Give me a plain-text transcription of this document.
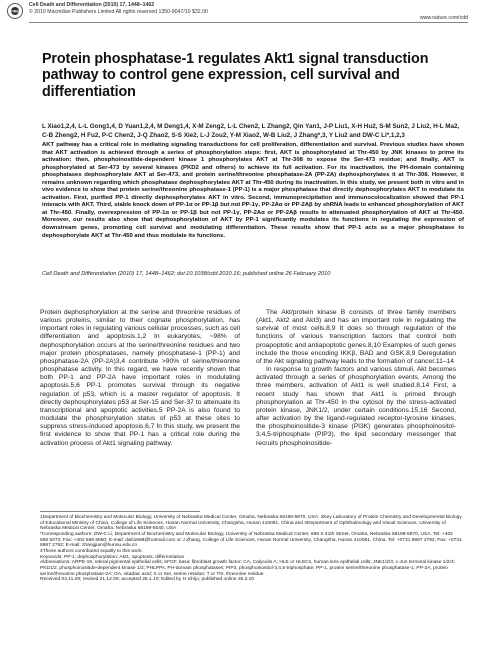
npg
Cell Death and Differentiation (2010) 17, 1448–1462
© 2010 Macmillan Publishers Limited All rights reserved 1350-9047/10 $32.00
www.nature.com/cdd
Protein phosphatase-1 regulates Akt1 signal transduction pathway to control gene expression, cell survival and differentiation
L Xiao1,2,4, L-L Gong1,4, D Yuan1,2,4, M Deng1,4, X-M Zeng2, L-L Chen2, L Zhang2, Qin Yan1, J-P Liu1, X-H Hu2, S-M Sun2, J Liu2, H-L Ma2, C-B Zheng2, H Fu2, P-C Chen2, J-Q Zhao2, S-S Xie2, L-J Zou2, Y-M Xiao2, W-B Liu2, J Zhang*,3, Y Liu2 and DW-C Li*,1,2,3
AKT pathway has a critical role in mediating signaling transductions for cell proliferation, differentiation and survival. Previous studies have shown that AKT activation is achieved through a series of phosphorylation steps: first, AKT is phosphorylated at Thr-450 by JNK kinases to prime its activation; then, phosphoinositide-dependent kinase 1 phosphorylates AKT at Thr-308 to expose the Ser-473 residue; and finally, AKT is phosphorylated at Ser-473 by several kinases (PKD2 and others) to achieve its full activation. For its inactivation, the PH-domain containing phosphatases dephosphorylate AKT at Ser-473, and protein serine/threonine phosphatase-2A (PP-2A) dephosphorylates it at Thr-308. However, it remains unknown regarding which phosphatase dephosphorylates AKT at Thr-450 during its inactivation. In this study, we present both in vitro and in vivo evidence to show that protein serine/threonine phosphatase-1 (PP-1) is a major phosphatase that directly dephosphorylates AKT to modulate its activation. First, purified PP-1 directly dephosphorylates AKT in vitro. Second, immunoprecipitation and immunocolocalization showed that PP-1 interacts with AKT. Third, stable knock down of PP-1α or PP-1β but not PP-1γ, PP-2Aα or PP-2Aβ by shRNA leads to enhanced phosphorylation of AKT at Thr-450. Finally, overexpression of PP-1α or PP-1β but not PP-1γ, PP-2Aα or PP-2Aβ results in attenuated phosphorylation of AKT at Thr-450. Moreover, our results also show that dephosphorylation of AKT by PP-1 significantly modulates its functions in regulating the expression of downstream genes, promoting cell survival and modulating differentiation. These results show that PP-1 acts as a major phosphatase to dephosphorylate AKT at Thr-450 and thus modulate its functions.
Cell Death and Differentiation (2010) 17, 1448–1462; doi:10.1038/cdd.2010.16; published online 26 February 2010

Protein dephosphorylation at the serine and threonine residues of various proteins, similar to their cognate phosphorylation, has important roles in regulating various cellular processes, such as cell differentiation and apoptosis.1,2 In eukaryotes, ~98% of dephosphorylation occurs at the serine/threonine residues and two major protein phosphatases, namely phosphatase-1 (PP-1) and phosphatase-2A (PP-2A)3,4 contribute >90% of serine/threonine phosphatase activity. In this regard, we have recently shown that both PP-1 and PP-2A have important roles in modulating apoptosis.5,6 PP-1 promotes survival through its negative regulation of p53, which is a master regulator of apoptosis. It directly dephosphorylates p53 at Ser-15 and Ser-37 to attenuate its transcriptional and apoptotic activities.5 PP-2A is also found to modulate the phosphorylation status of p53 at these sites to suppress stress-induced apoptosis.6,7 In this study, we present the first evidence to show that PP-1 has a critical role during the activation process of Akt1 signaling pathway.

The Akt/protein kinase B consists of three family members (Akt1, Akt2 and Akt3) and has an important role in regulating the survival of most cells.8,9 It does so through regulation of the functions of various transcription factors that control both proapoptotic and antiapoptotic genes.8,10 Examples of such genes include the those encoding IKKβ, BAD and GSK.8,9 Deregulation of the Akt signaling pathway leads to the formation of cancer.11–14

In response to growth factors and various stimuli, Akt becomes activated through a series of phosphorylation events. Among the three members, activation of Akt1 is well studied.8,14 First, a recent study has shown that Akt1 is primed through phosphorylation at Thr-450 in the cytosol by the stress-activated protein kinase, JNK1/2, under certain conditions.15,16 Second, after activation by the ligand-regulated receptor-tyrosine kinases, the phosphoinositide-3 kinase (PI3K) generates phosphoinositol-3,4,5-triphosphate (PIP3), the lipid secondary messenger that recruits phosphoinositide-

1Department of Biochemistry and Molecular Biology, University of Nebraska Medical Center, Omaha, Nebraska 68198-5870, USA; 2Key Laboratory of Protein Chemistry and Developmental Biology of Educational Ministry of China, College of Life Sciences, Hunan Normal University, Changsha, Hunan 410081, China and 3Department of Ophthalmology and Visual Sciences, University of Nebraska Medical Center, Omaha, Nebraska 68198-5540, USA

*Corresponding authors: DW-C Li, Department of Biochemistry and Molecular Biology, University of Nebraska Medical Center, 668 S 41th Street, Omaha, Nebraska 68198-5870, USA. Tel: +402 559 5073; Fax: +402 559 6650; E-mail: dwli1688@hotmail.com or J Zhang, College of Life Sciences, Hunan Normal University, Changsha, Hunan 410081, China. Tel: +0731 8887 2792; Fax: +0731 8887 2792; E-mail: zhangjian@hunnu.edu.cn

4These authors contributed equally to this work.

Keywords: PP-1; dephosphorylation; Akt1; apoptosis; differentiation

Abbreviations: ARPE-19, retinal pigmental epithelial cells; bFGF, basic fibroblast growth factor; CA, Calyculin A; HLE or HLECs, human lens epithelial cells; JNK1/2/3, c-Jun terminal kinase 1/2/3; PKD1/2, phosphoinositide-dependent kinase 1/2; PHLPPs, PH-domain phosphatases; PIP3, phosphoinositol-3,4,5-triphosphate; PP-1, protein serine/threonine phosphatase-1; PP-2A, protein serine/threonine phosphatase-2A; OA, okadaic acid; S or Ser, serine residue; T or Thr, threonine residue

Received 04.11.09; revised 21.12.09; accepted 25.1.10; Edited by H Ichijo; published online 26.2.10
